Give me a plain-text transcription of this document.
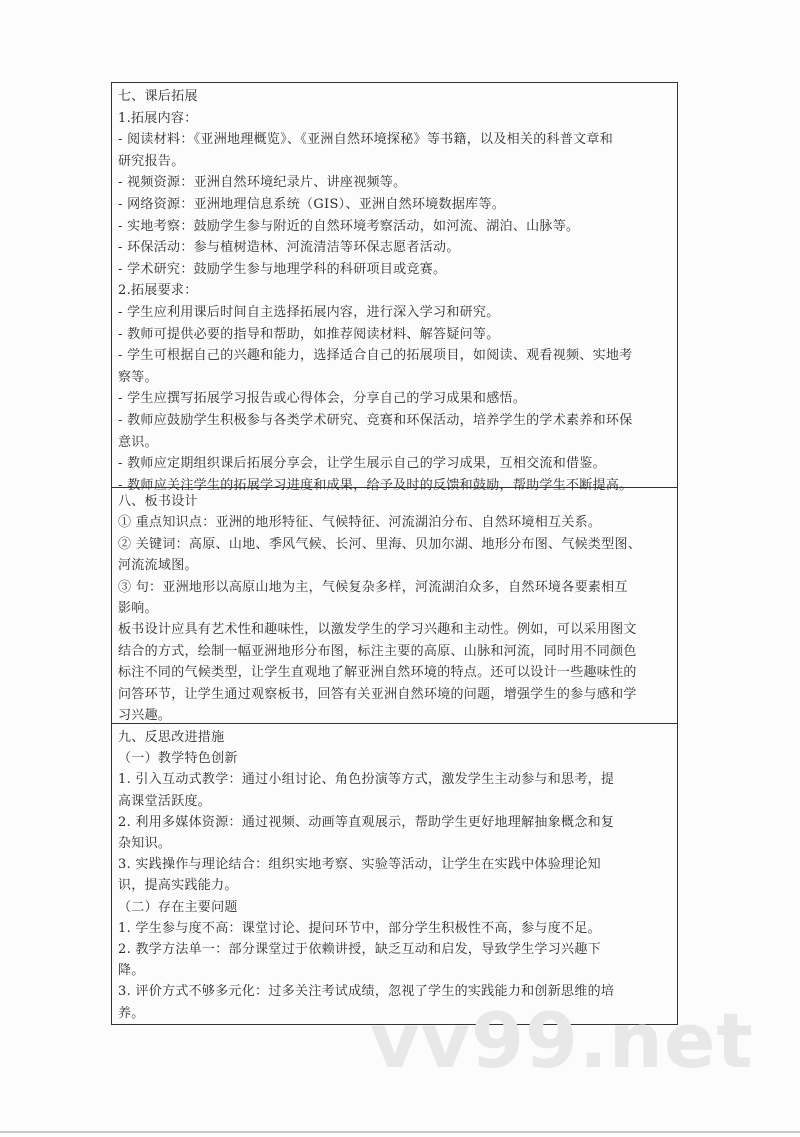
七、课后拓展
1.拓展内容：
- 阅读材料：《亚洲地理概览》、《亚洲自然环境探秘》等书籍，以及相关的科普文章和
研究报告。
- 视频资源：亚洲自然环境纪录片、讲座视频等。
- 网络资源：亚洲地理信息系统（GIS）、亚洲自然环境数据库等。
- 实地考察：鼓励学生参与附近的自然环境考察活动，如河流、湖泊、山脉等。
- 环保活动：参与植树造林、河流清洁等环保志愿者活动。
- 学术研究：鼓励学生参与地理学科的科研项目或竞赛。
2.拓展要求：
- 学生应利用课后时间自主选择拓展内容，进行深入学习和研究。
- 教师可提供必要的指导和帮助，如推荐阅读材料、解答疑问等。
- 学生可根据自己的兴趣和能力，选择适合自己的拓展项目，如阅读、观看视频、实地考
察等。
- 学生应撰写拓展学习报告或心得体会，分享自己的学习成果和感悟。
- 教师应鼓励学生积极参与各类学术研究、竞赛和环保活动，培养学生的学术素养和环保
意识。
- 教师应定期组织课后拓展分享会，让学生展示自己的学习成果，互相交流和借鉴。
- 教师应关注学生的拓展学习进度和成果，给予及时的反馈和鼓励，帮助学生不断提高。
八、板书设计
① 重点知识点：亚洲的地形特征、气候特征、河流湖泊分布、自然环境相互关系。
② 关键词：高原、山地、季风气候、长河、里海、贝加尔湖、地形分布图、气候类型图、
河流流域图。
③ 句：亚洲地形以高原山地为主，气候复杂多样，河流湖泊众多，自然环境各要素相互
影响。
板书设计应具有艺术性和趣味性，以激发学生的学习兴趣和主动性。例如，可以采用图文
结合的方式，绘制一幅亚洲地形分布图，标注主要的高原、山脉和河流，同时用不同颜色
标注不同的气候类型，让学生直观地了解亚洲自然环境的特点。还可以设计一些趣味性的
问答环节，让学生通过观察板书，回答有关亚洲自然环境的问题，增强学生的参与感和学
习兴趣。
九、反思改进措施
（一）教学特色创新
1. 引入互动式教学：通过小组讨论、角色扮演等方式，激发学生主动参与和思考，提
高课堂活跃度。
2. 利用多媒体资源：通过视频、动画等直观展示，帮助学生更好地理解抽象概念和复
杂知识。
3. 实践操作与理论结合：组织实地考察、实验等活动，让学生在实践中体验理论知
识，提高实践能力。
（二）存在主要问题
1. 学生参与度不高：课堂讨论、提问环节中，部分学生积极性不高，参与度不足。
2. 教学方法单一：部分课堂过于依赖讲授，缺乏互动和启发，导致学生学习兴趣下
降。
3. 评价方式不够多元化：过多关注考试成绩，忽视了学生的实践能力和创新思维的培
养。	vv99.net
